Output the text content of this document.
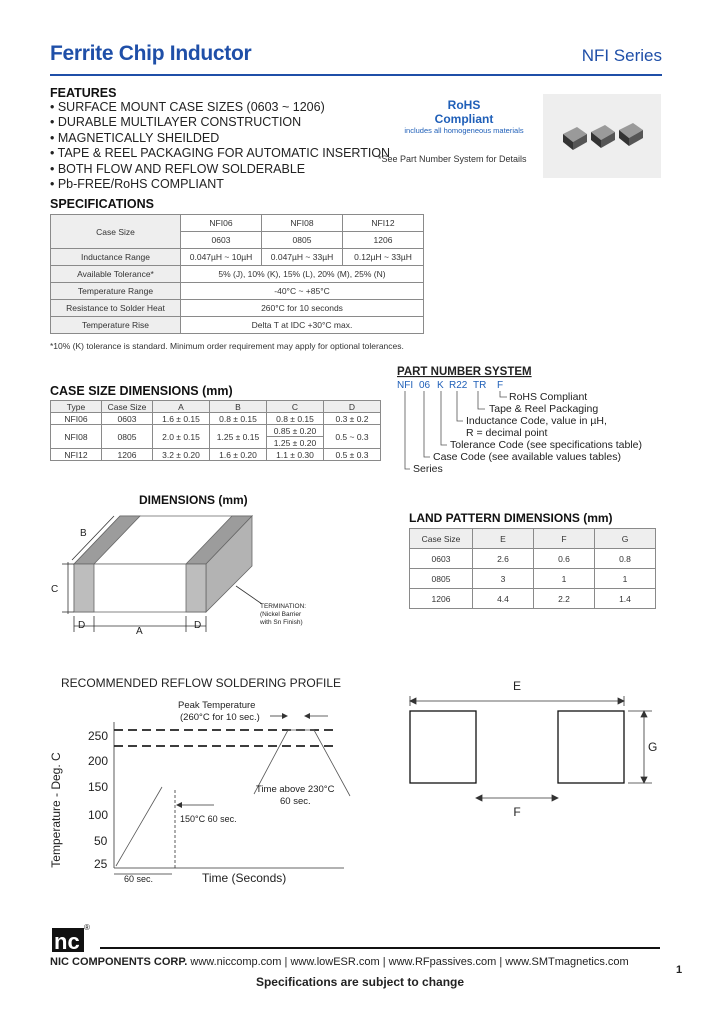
Ferrite Chip Inductor	NFI Series
FEATURES
• SURFACE MOUNT CASE SIZES (0603 ~ 1206)
• DURABLE MULTILAYER CONSTRUCTION
• MAGNETICALLY SHEILDED
• TAPE & REEL PACKAGING FOR AUTOMATIC INSERTION
• BOTH FLOW AND REFLOW SOLDERABLE
• Pb-FREE/RoHS COMPLIANT
RoHS
Compliant
includes all homogeneous materials
*See Part Number System for Details
SPECIFICATIONS
Case Size	NFI06	NFI08	NFI12
	0603	0805	1206
Inductance Range	0.047µH ~ 10µH	0.047µH ~ 33µH	0.12µH ~ 33µH
Available Tolerance*	5% (J), 10% (K), 15% (L), 20% (M), 25% (N)		
Temperature Range	-40°C ~ +85°C		
Resistance to Solder Heat	260°C for 10 seconds		
Temperature Rise	Delta T at IDC +30°C max.		
*10% (K) tolerance is standard. Minimum order requirement may apply for optional tolerances.
CASE SIZE DIMENSIONS (mm)
Type	Case Size	A	B	C	D
NFI06	0603	1.6 ± 0.15	0.8 ± 0.15	0.8 ± 0.15	0.3 ± 0.2
NFI08	0805	2.0 ± 0.15	1.25 ± 0.15	0.85 ± 0.20	0.5 ~ 0.3
				1.25 ± 0.20	
NFI12	1206	3.2 ± 0.20	1.6 ± 0.20	1.1 ± 0.30	0.5 ± 0.3
PART NUMBER SYSTEM
NFI 06 K R22 TR F
RoHS Compliant
Tape & Reel Packaging
Inductance Code, value in µH,
R = decimal point
Tolerance Code (see specifications table)
Case Code (see available values tables)
Series
DIMENSIONS (mm)
B
C
D
A
D
TERMINATION:
(Nickel Barrier
with Sn Finish)
LAND PATTERN DIMENSIONS (mm)
Case Size	E	F	G
0603	2.6	0.6	0.8
0805	3	1	1
1206	4.4	2.2	1.4
E
G
F
RECOMMENDED REFLOW SOLDERING PROFILE
Temperature - Deg. C
250
200
150
100
50
25
150°C 60 sec.
60 sec.	Time (Seconds)
Peak Temperature
(260°C for 10 sec.)
Time above 230°C
60 sec.
nc
®
NIC COMPONENTS CORP. www.niccomp.com | www.lowESR.com | www.RFpassives.com | www.SMTmagnetics.com
1
Specifications are subject to change
